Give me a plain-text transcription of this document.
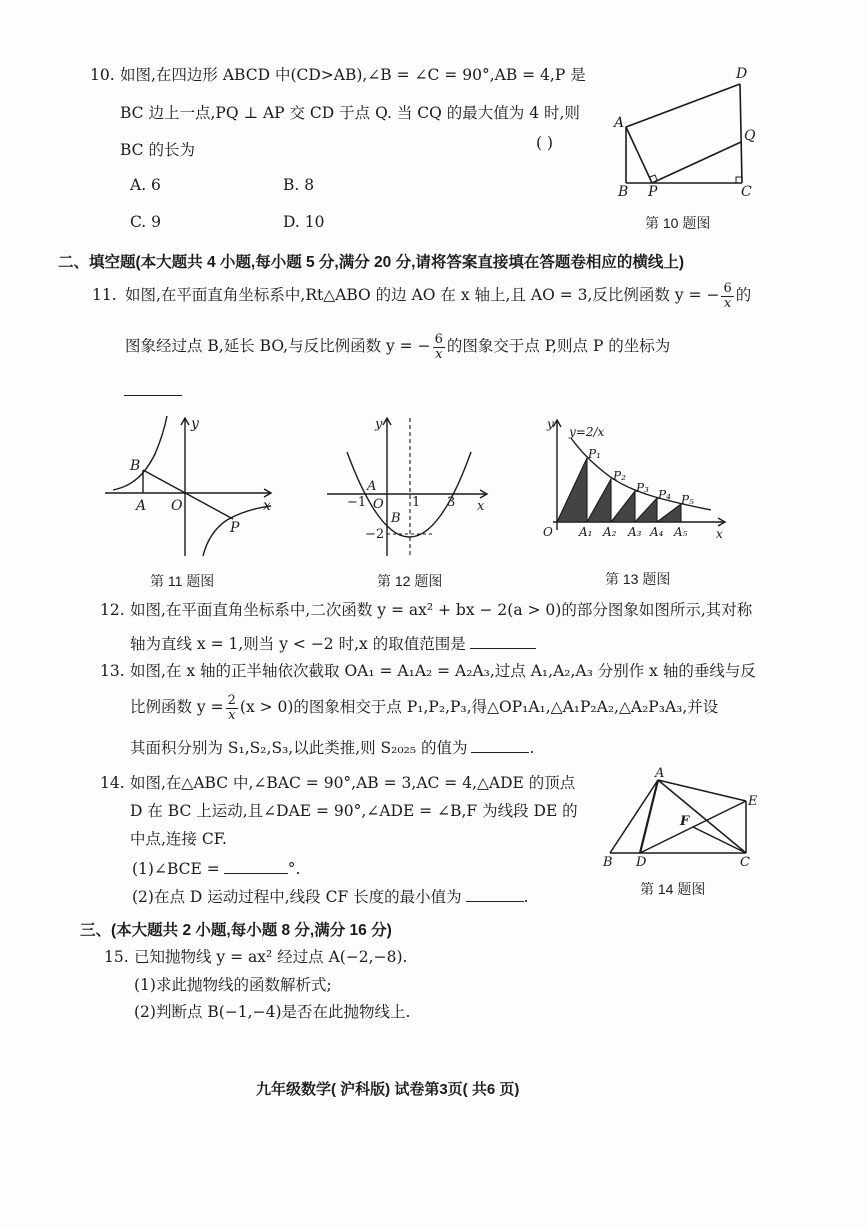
10. 如图,在四边形 ABCD 中(CD>AB),∠B = ∠C = 90°,AB = 4,P 是
BC 边上一点,PQ ⊥ AP 交 CD 于点 Q. 当 CQ 的最大值为 4 时,则
BC 的长为	( )
A. 6	B. 8
C. 9	D. 10
D
A
Q
B P	C
第 10 题图
二、填空题(本大题共 4 小题,每小题 5 分,满分 20 分,请将答案直接填在答题卷相应的横线上)
11. 如图,在平面直角坐标系中,Rt△ABO 的边 AO 在 x 轴上,且 AO = 3,反比例函数 y = − $\frac{6}{x}$ 的
图象经过点 B,延长 BO,与反比例函数 y = − $\frac{6}{x}$ 的图象交于点 P,则点 P 的坐标为
y
x
B
A O
P
第 11 题图
y
x
A
−1 O 1 3
B
−2
第 12 题图
y
y=2/x
x
O
P₁
P₂
P₃ P₄ P₅
A₁ A₂ A₃ A₄ A₅
第 13 题图
12. 如图,在平面直角坐标系中,二次函数 y = ax² + bx − 2(a > 0)的部分图象如图所示,其对称
轴为直线 x = 1,则当 y < −2 时,x 的取值范围是
13. 如图,在 x 轴的正半轴依次截取 OA₁ = A₁A₂ = A₂A₃,过点 A₁,A₂,A₃ 分别作 x 轴的垂线与反
比例函数 $y = \frac{2}{x} (x > 0)$的图象相交于点 P₁,P₂,P₃,得△OP₁A₁,△A₁P₂A₂,△A₂P₃A₃,并设
其面积分别为 S₁,S₂,S₃,以此类推,则 S₂₀₂₅ 的值为	.
14. 如图,在△ABC 中,∠BAC = 90°,AB = 3,AC = 4,△ADE 的顶点
D 在 BC 上运动,且∠DAE = 90°,∠ADE = ∠B,F 为线段 DE 的
中点,连接 CF.
(1)∠BCE =	°.
(2)在点 D 运动过程中,线段 CF 长度的最小值为	.
A
E
F
B D	C
第 14 题图
三、(本大题共 2 小题,每小题 8 分,满分 16 分)
15. 已知抛物线 y = ax² 经过点 A(−2,−8).
(1)求此抛物线的函数解析式;
(2)判断点 B(−1,−4)是否在此抛物线上.
九年级数学( 沪科版) 试卷第3页( 共6 页)
